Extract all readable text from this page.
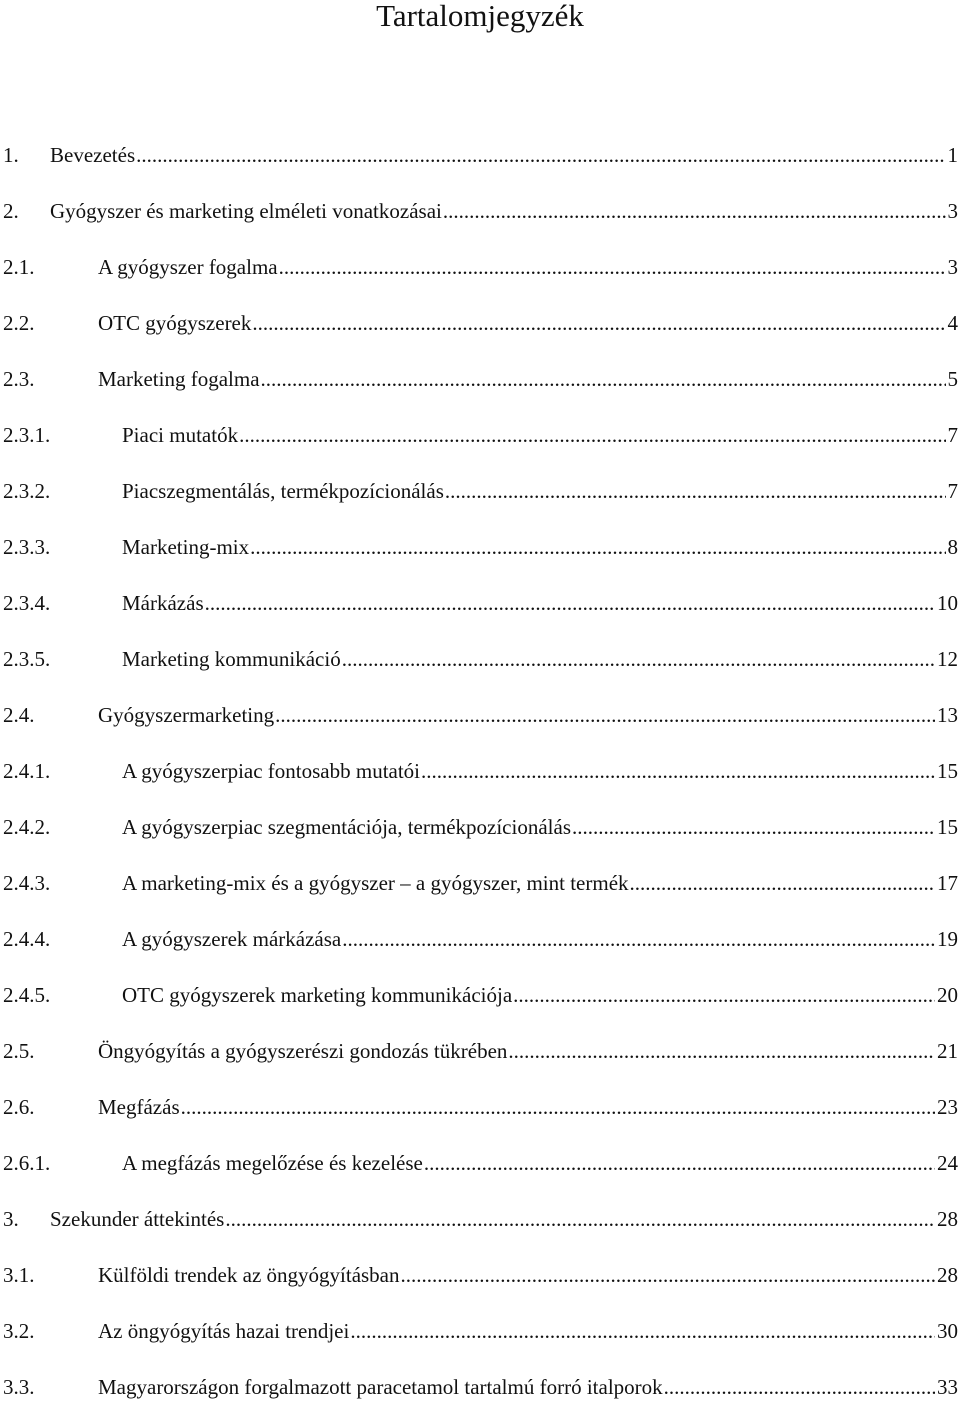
Tartalomjegyzék
1.	Bevezetés .....	1
2.	Gyógyszer és marketing elméleti vonatkozásai .....	3
2.1.	A gyógyszer fogalma .....	3
2.2.	OTC gyógyszerek .....	4
2.3.	Marketing fogalma .....	5
2.3.1.	Piaci mutatók .....	7
2.3.2.	Piacszegmentálás, termékpozícionálás .....	7
2.3.3.	Marketing-mix .....	8
2.3.4.	Márkázás .....	10
2.3.5.	Marketing kommunikáció .....	12
2.4.	Gyógyszermarketing .....	13
2.4.1.	A gyógyszerpiac fontosabb mutatói .....	15
2.4.2.	A gyógyszerpiac szegmentációja, termékpozícionálás .....	15
2.4.3.	A marketing-mix és a gyógyszer – a gyógyszer, mint termék .....	17
2.4.4.	A gyógyszerek márkázása .....	19
2.4.5.	OTC gyógyszerek marketing kommunikációja .....	20
2.5.	Öngyógyítás a gyógyszerészi gondozás tükrében .....	21
2.6.	Megfázás .....	23
2.6.1.	A megfázás megelőzése és kezelése .....	24
3.	Szekunder áttekintés .....	28
3.1.	Külföldi trendek az öngyógyításban .....	28
3.2.	Az öngyógyítás hazai trendjei .....	30
3.3.	Magyarországon forgalmazott paracetamol tartalmú forró italporok .....	33
